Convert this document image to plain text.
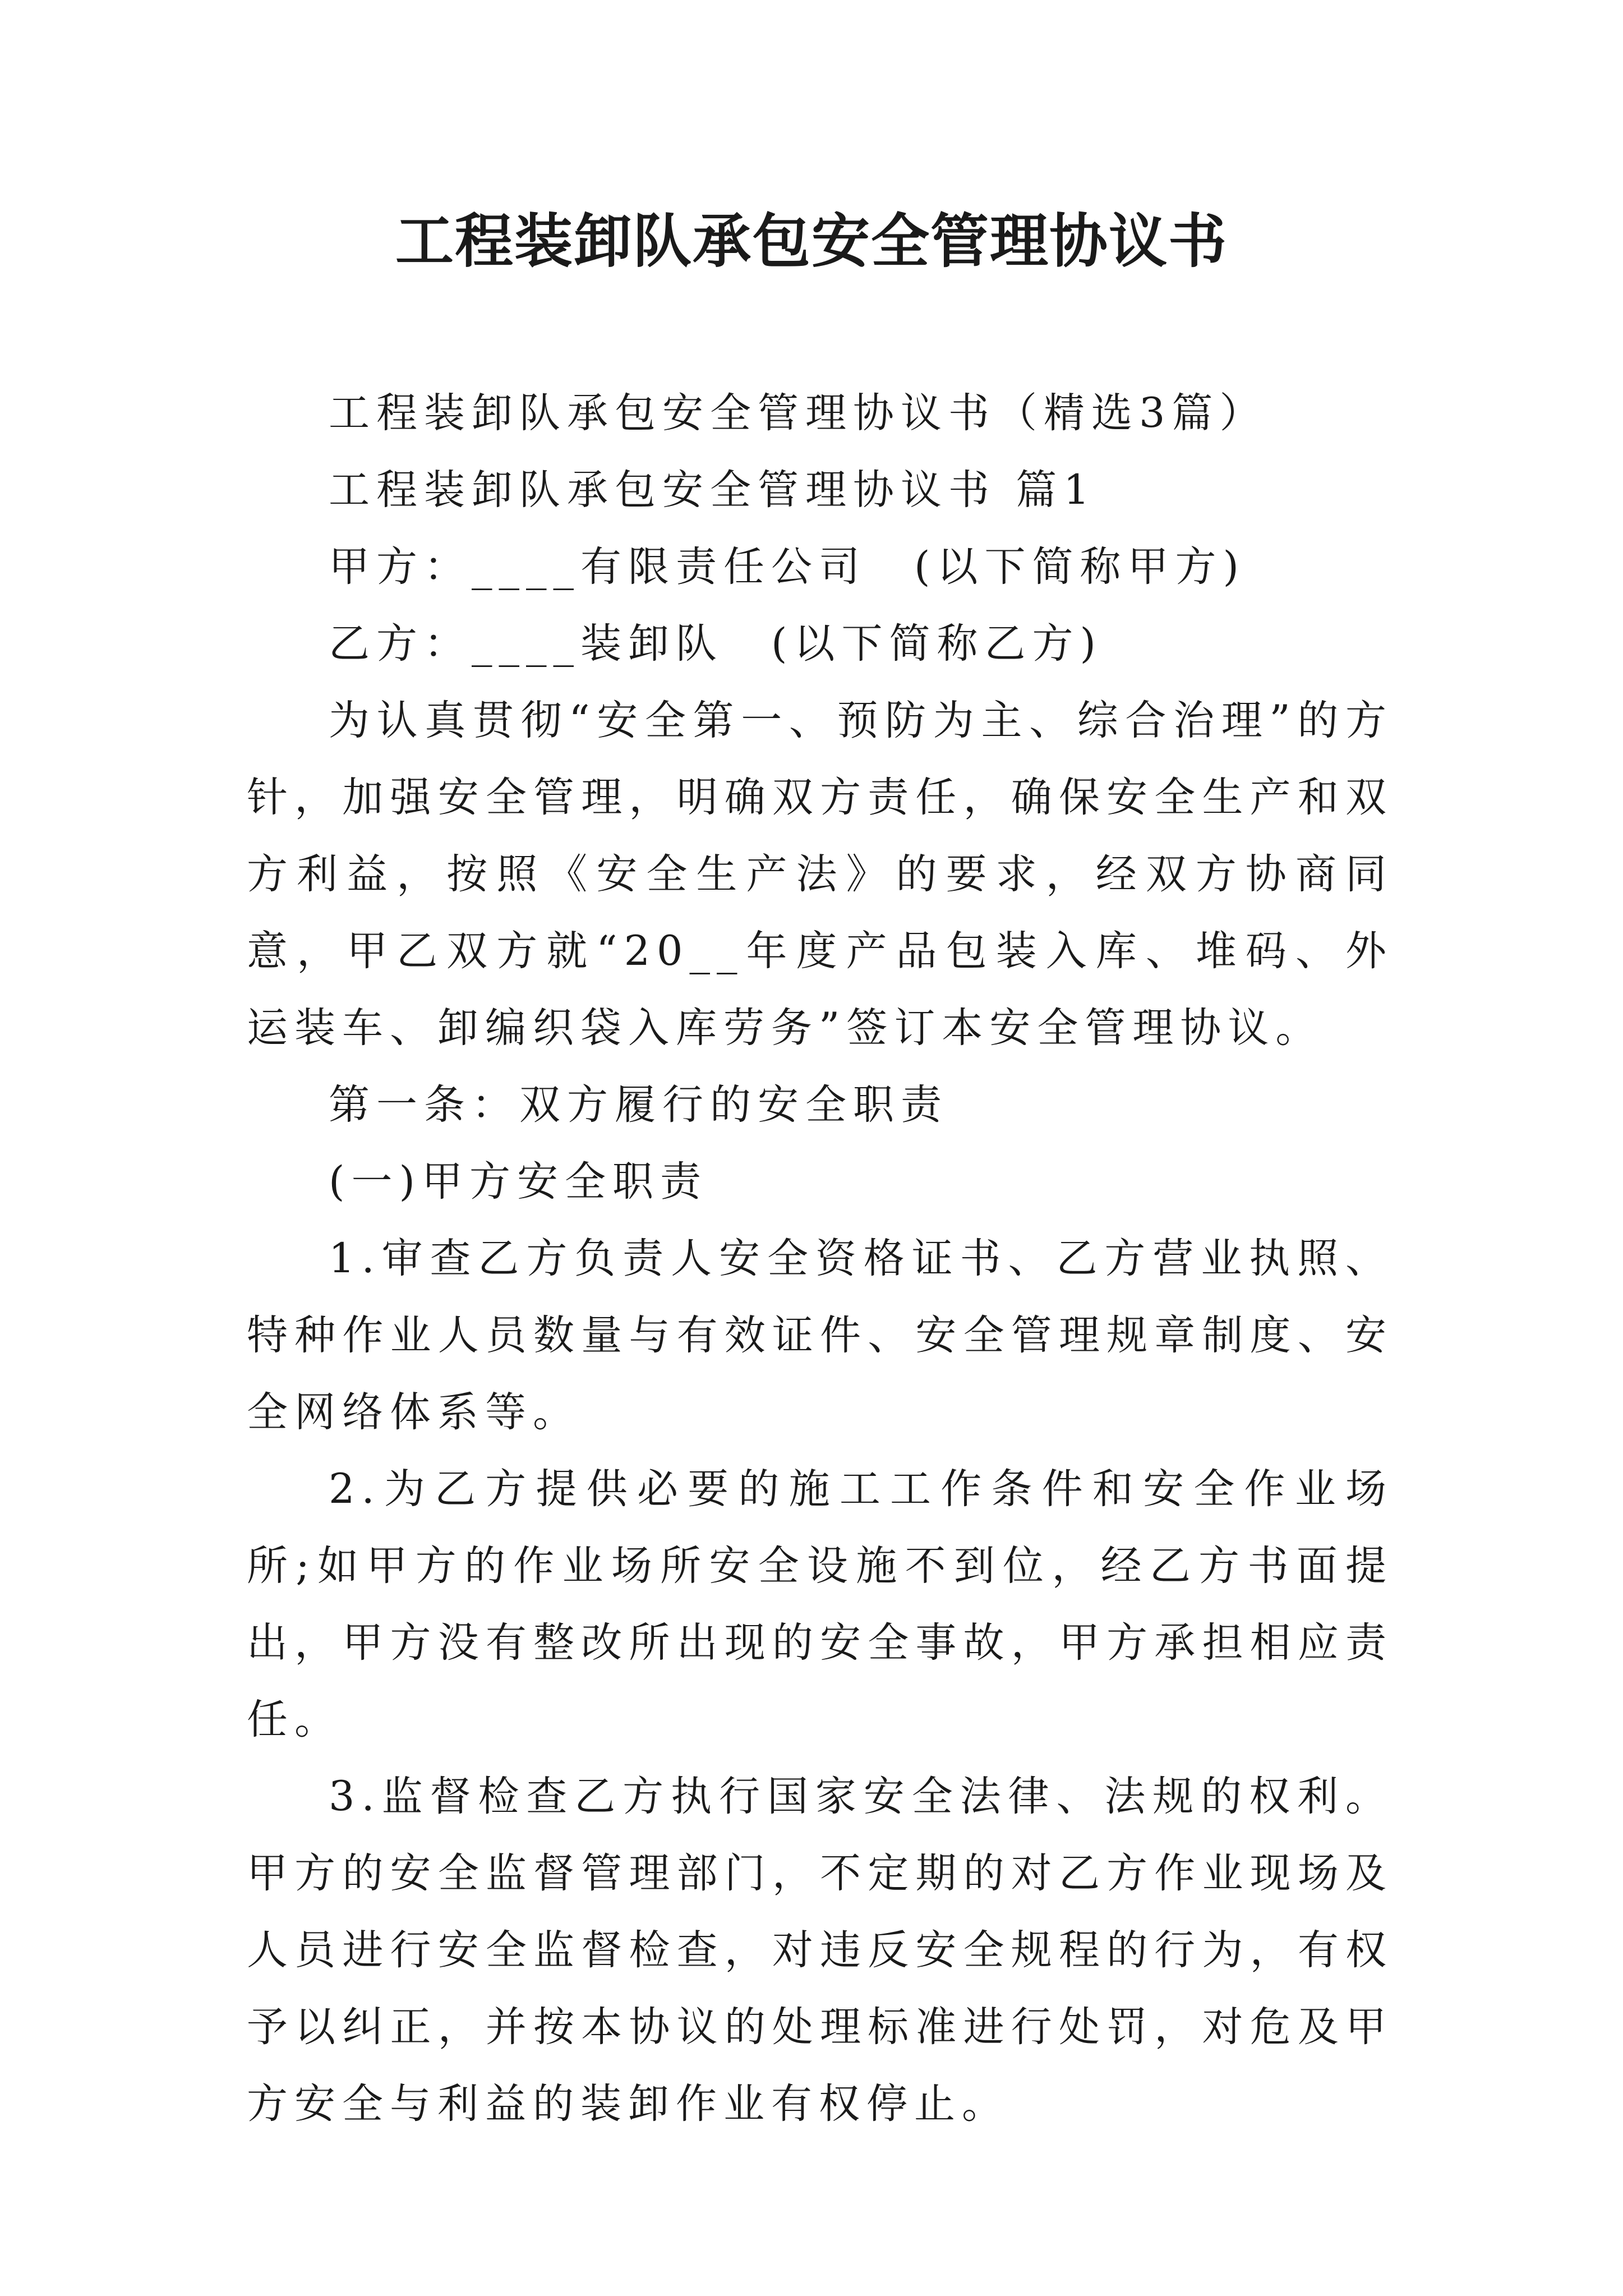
工程装卸队承包安全管理协议书

工程装卸队承包安全管理协议书（精选3篇）

工程装卸队承包安全管理协议书 篇1

甲方：____有限责任公司　(以下简称甲方)

乙方：____装卸队　(以下简称乙方)

为认真贯彻“安全第一、预防为主、综合治理”的方针，加强安全管理，明确双方责任，确保安全生产和双方利益，按照《安全生产法》的要求，经双方协商同意，甲乙双方就“20__年度产品包装入库、堆码、外运装车、卸编织袋入库劳务”签订本安全管理协议。

第一条：双方履行的安全职责

(一)甲方安全职责

1.审查乙方负责人安全资格证书、乙方营业执照、特种作业人员数量与有效证件、安全管理规章制度、安全网络体系等。

2.为乙方提供必要的施工工作条件和安全作业场所;如甲方的作业场所安全设施不到位，经乙方书面提出，甲方没有整改所出现的安全事故，甲方承担相应责任。

3.监督检查乙方执行国家安全法律、法规的权利。甲方的安全监督管理部门，不定期的对乙方作业现场及人员进行安全监督检查，对违反安全规程的行为，有权予以纠正，并按本协议的处理标准进行处罚，对危及甲方安全与利益的装卸作业有权停止。
